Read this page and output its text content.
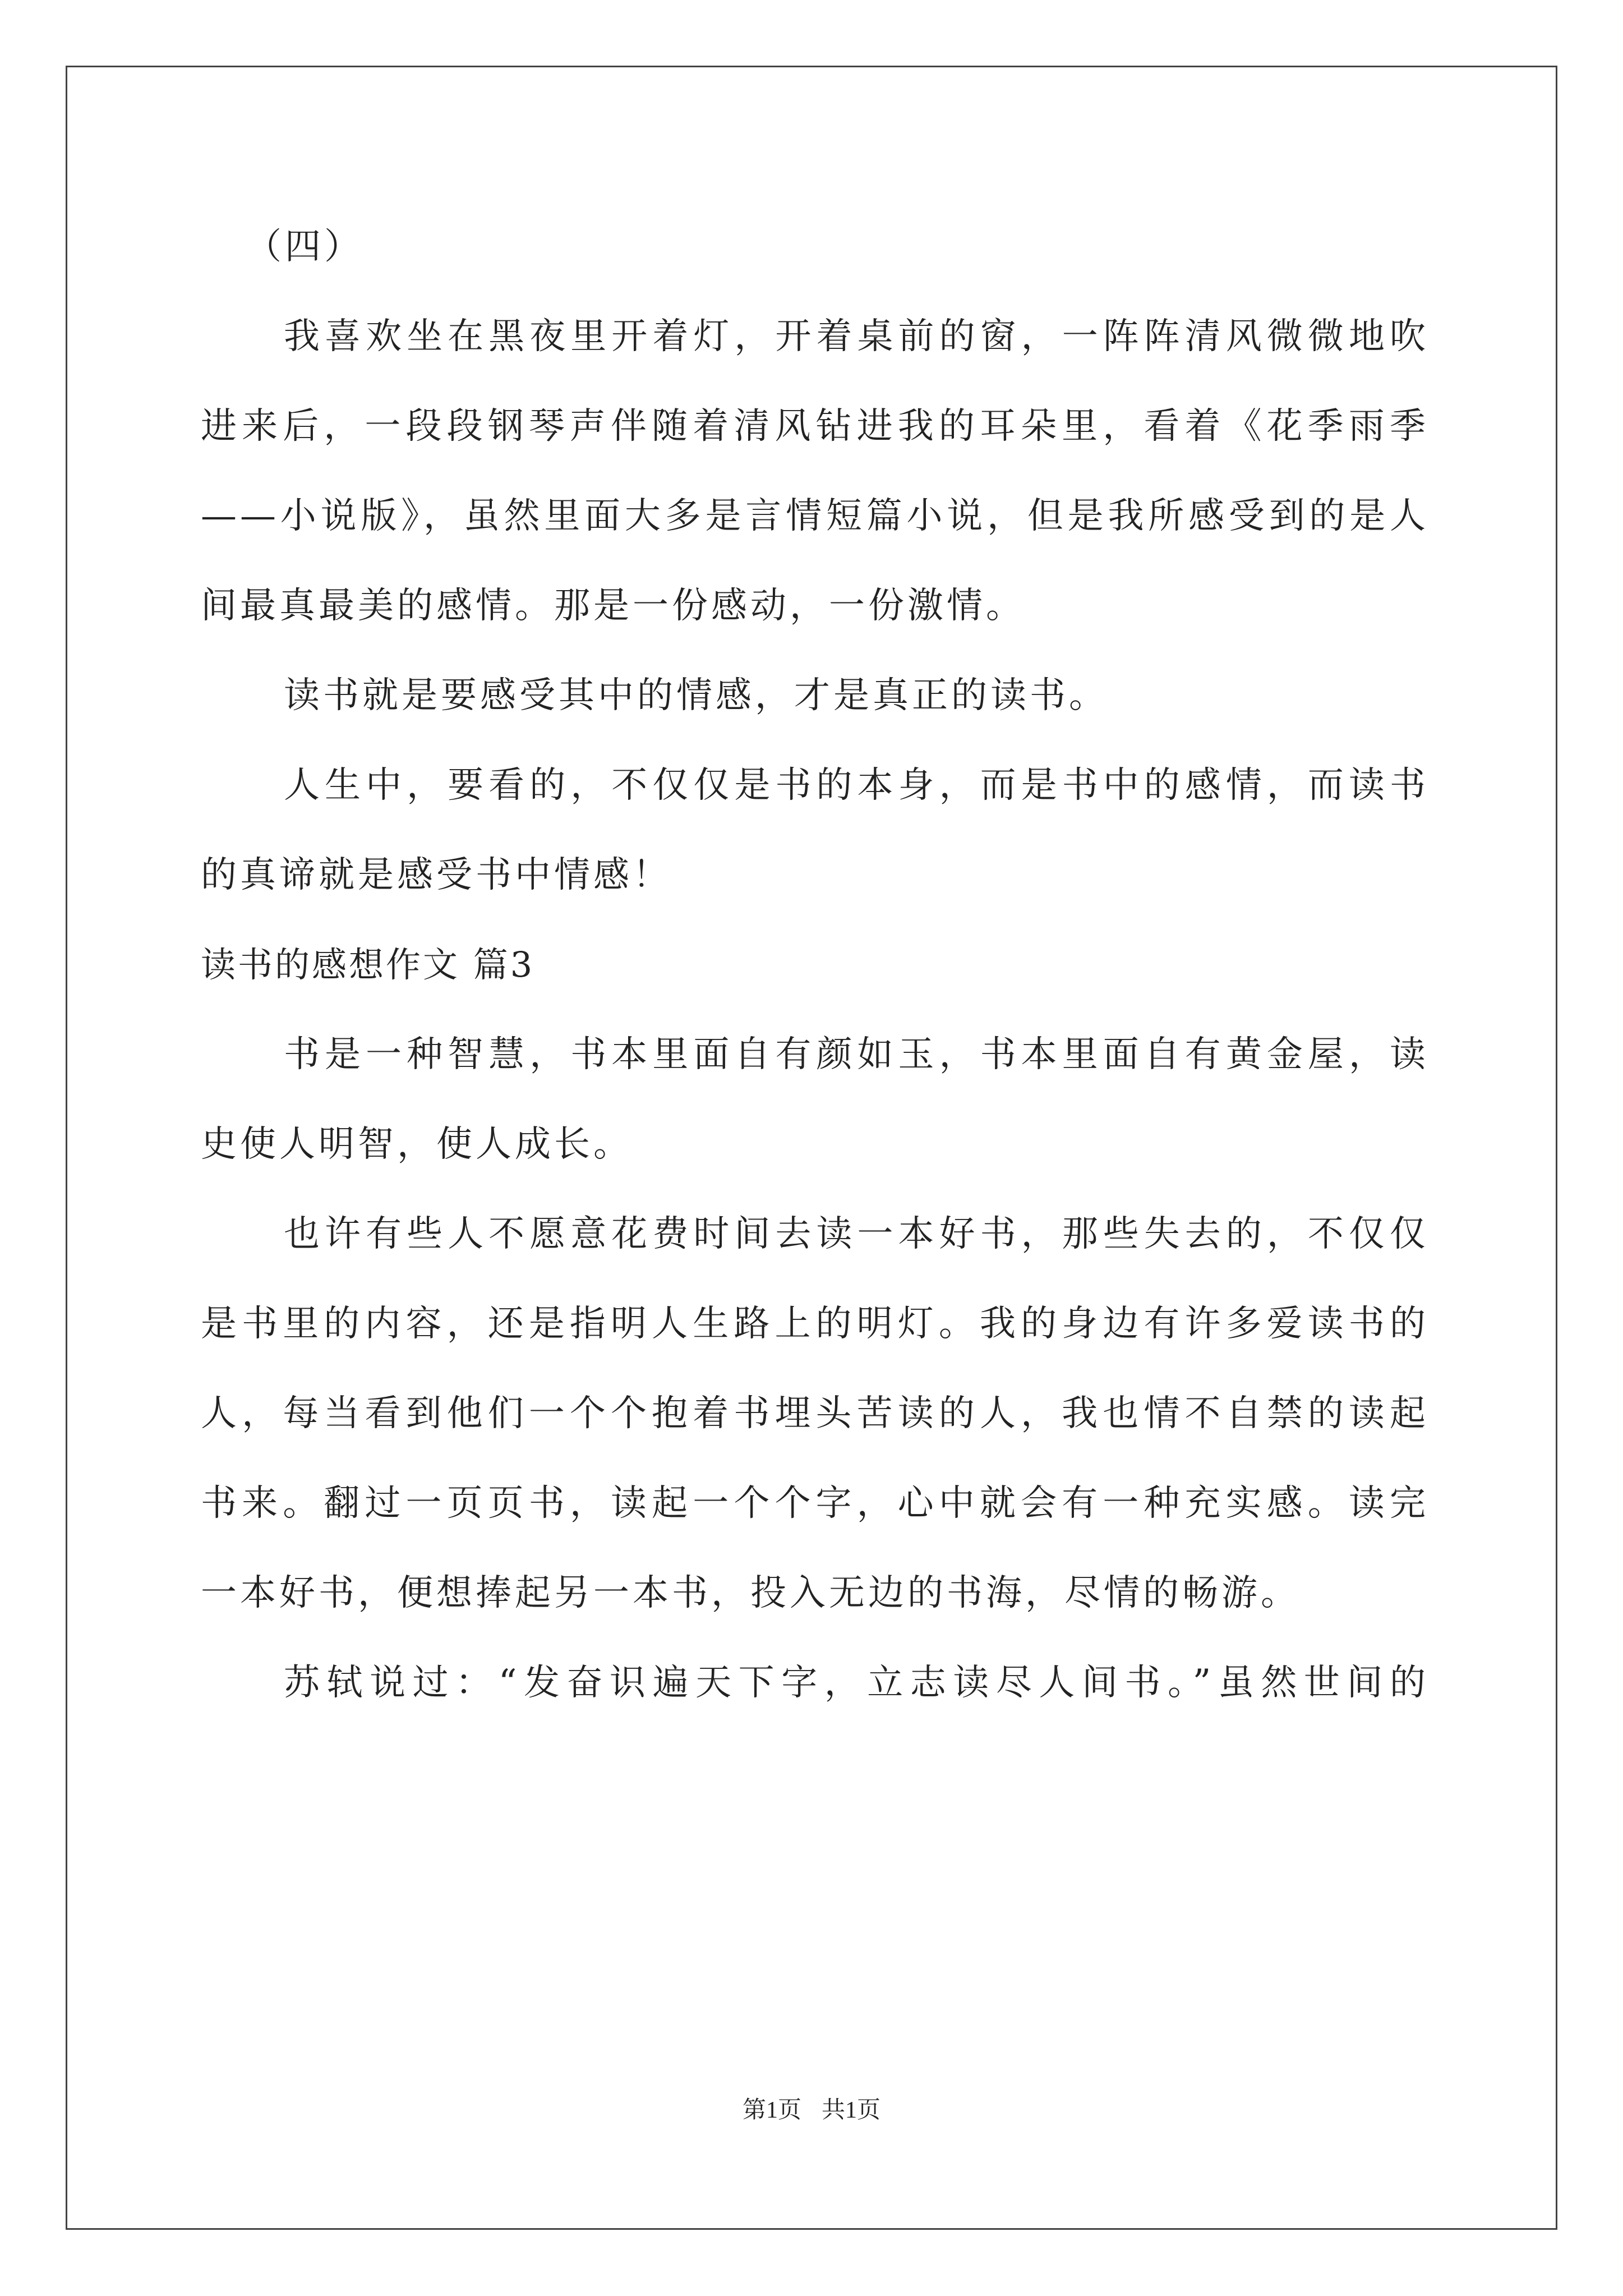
（四）
我喜欢坐在黑夜里开着灯，开着桌前的窗，一阵阵清风微微地吹
进来后，一段段钢琴声伴随着清风钻进我的耳朵里，看着《花季雨季
——小说版》，虽然里面大多是言情短篇小说，但是我所感受到的是人
间最真最美的感情。那是一份感动，一份激情。
读书就是要感受其中的情感，才是真正的读书。
人生中，要看的，不仅仅是书的本身，而是书中的感情，而读书
的真谛就是感受书中情感！
读书的感想作文 篇3
书是一种智慧，书本里面自有颜如玉，书本里面自有黄金屋，读
史使人明智，使人成长。
也许有些人不愿意花费时间去读一本好书，那些失去的，不仅仅
是书里的内容，还是指明人生路上的明灯。我的身边有许多爱读书的
人，每当看到他们一个个抱着书埋头苦读的人，我也情不自禁的读起
书来。翻过一页页书，读起一个个字，心中就会有一种充实感。读完
一本好书，便想捧起另一本书，投入无边的书海，尽情的畅游。
苏轼说过：“发奋识遍天下字，立志读尽人间书。”虽然世间的
第1页 共1页
